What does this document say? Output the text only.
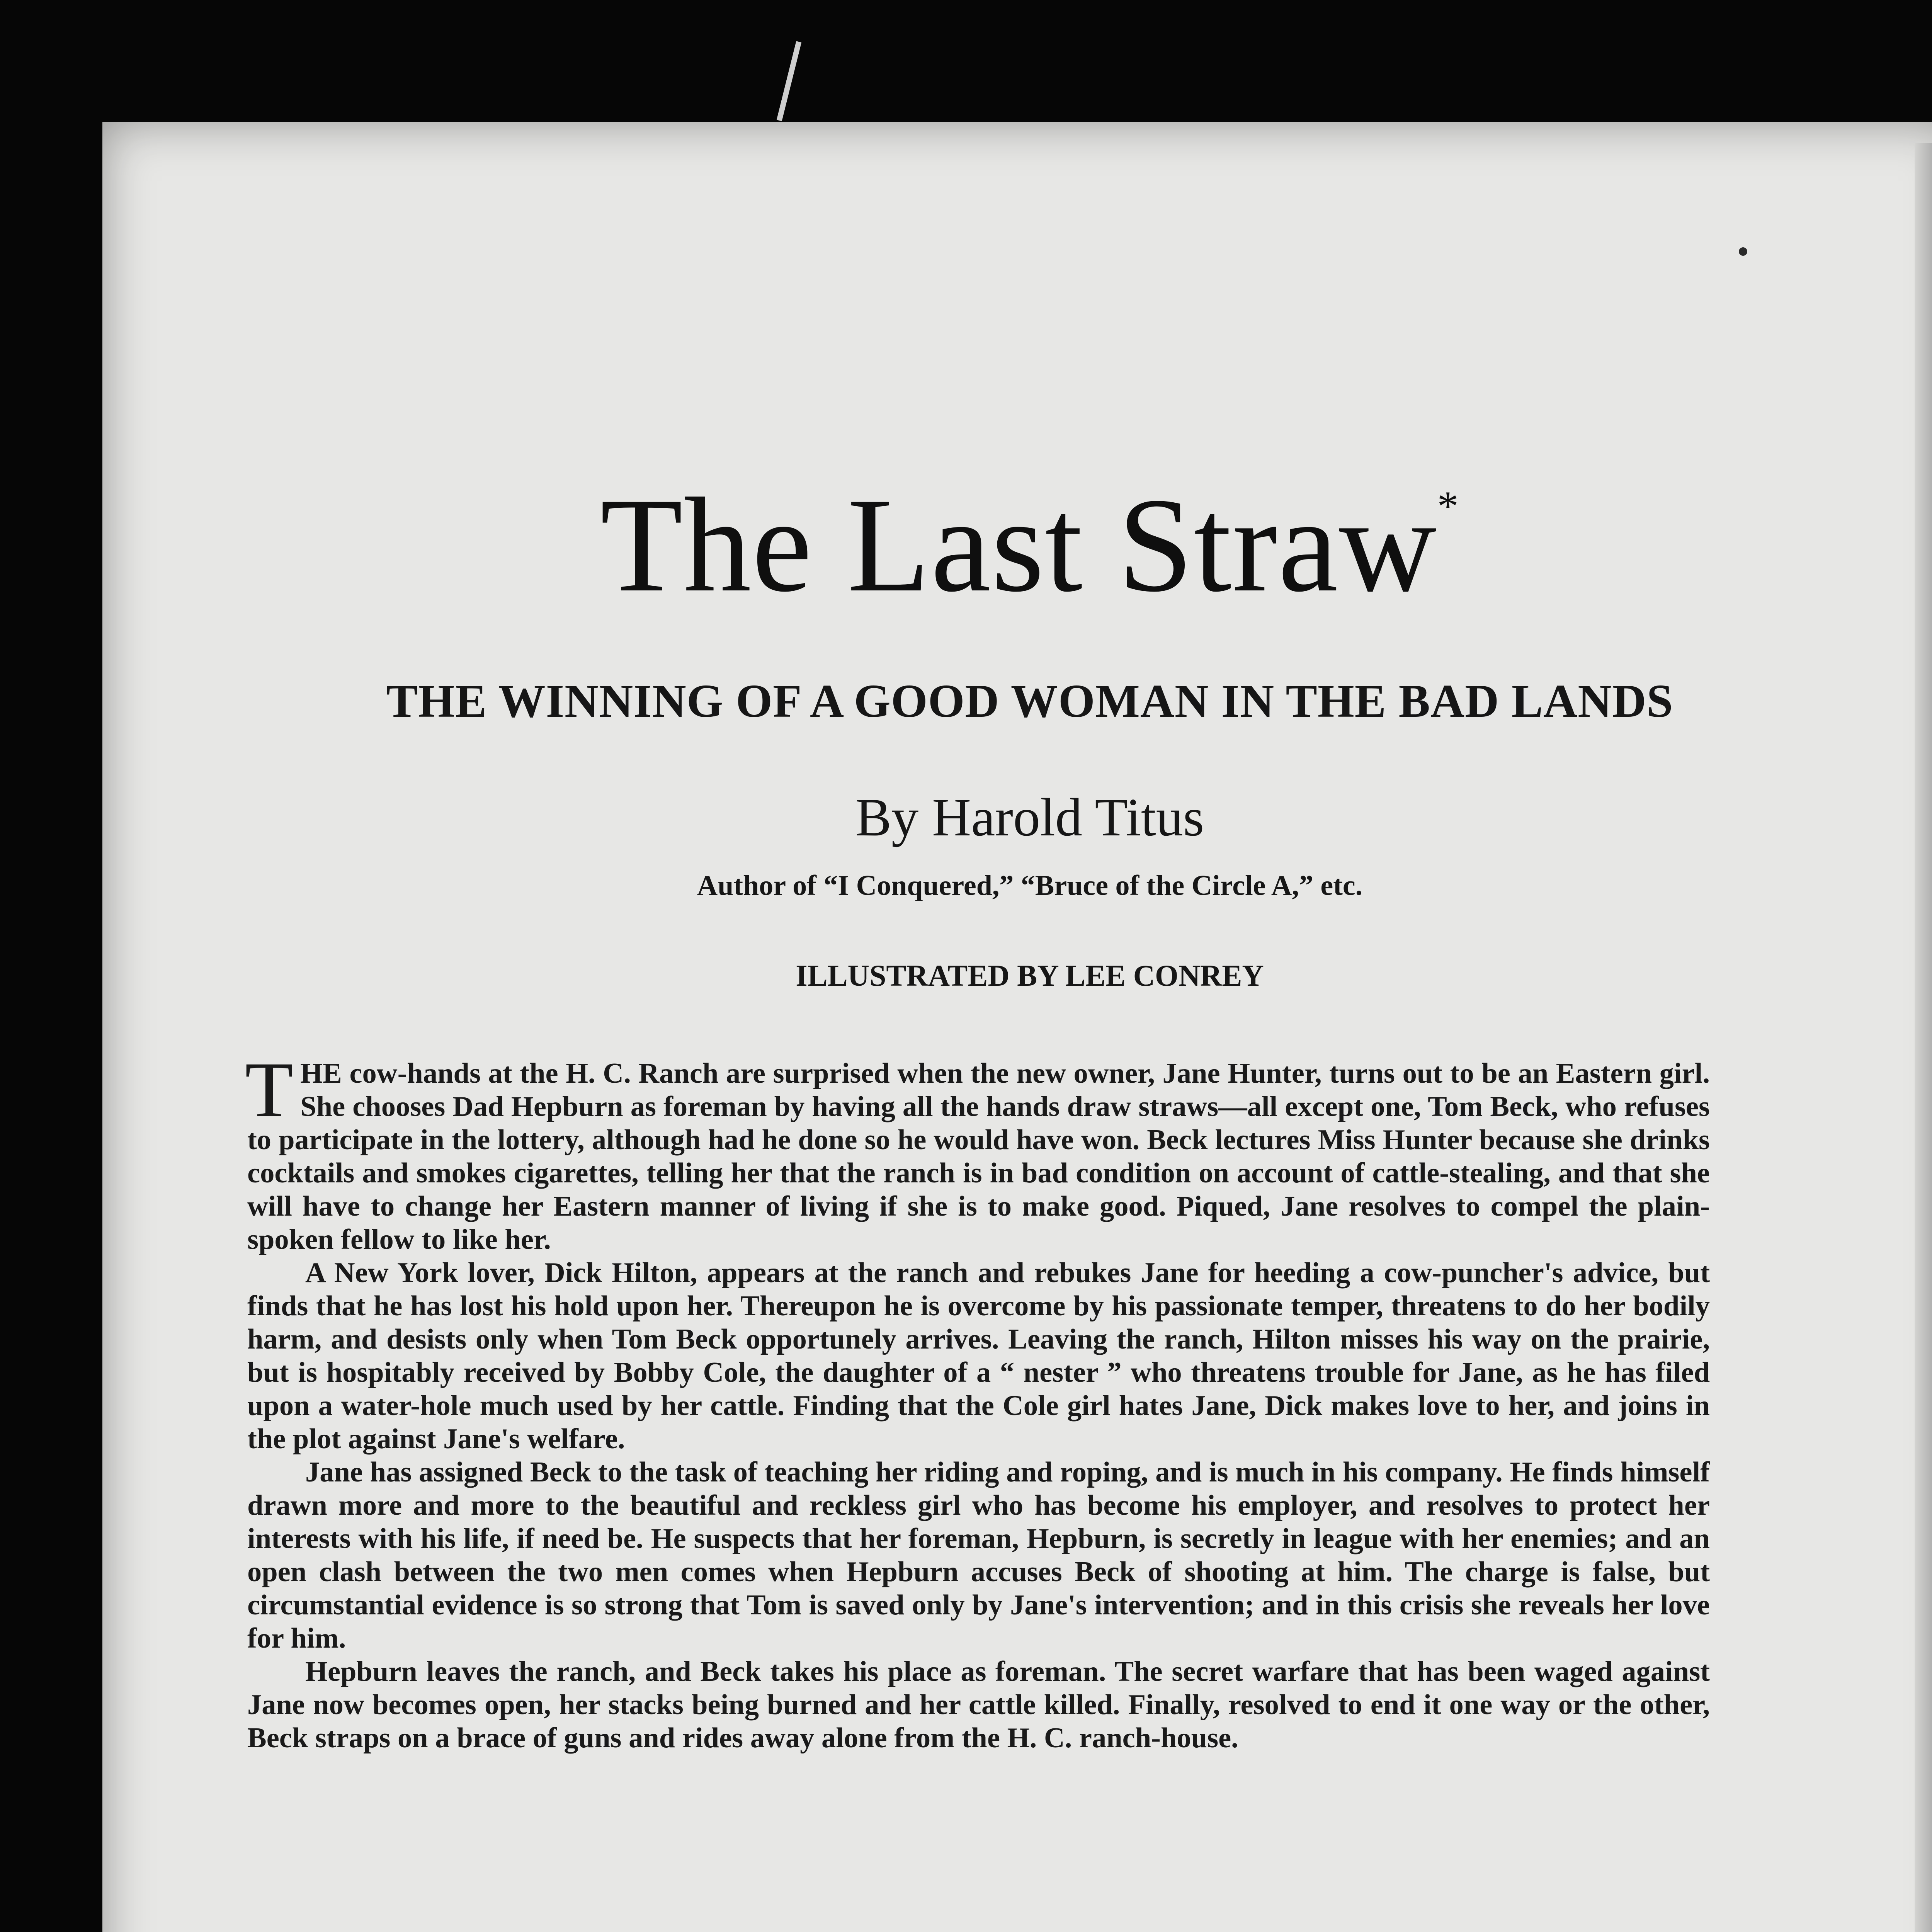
The Last Straw*
THE WINNING OF A GOOD WOMAN IN THE BAD LANDS
By Harold Titus
Author of “I Conquered,” “Bruce of the Circle A,” etc.
ILLUSTRATED BY LEE CONREY

THE cow-hands at the H. C. Ranch are surprised when the new owner, Jane Hunter, turns out to be an Eastern girl. She chooses Dad Hepburn as foreman by having all the hands draw straws—all except one, Tom Beck, who refuses to participate in the lottery, although had he done so he would have won. Beck lectures Miss Hunter because she drinks cocktails and smokes cigarettes, telling her that the ranch is in bad condition on account of cattle-stealing, and that she will have to change her Eastern manner of living if she is to make good. Piqued, Jane resolves to compel the plain-spoken fellow to like her.

A New York lover, Dick Hilton, appears at the ranch and rebukes Jane for heeding a cow-puncher's advice, but finds that he has lost his hold upon her. Thereupon he is overcome by his passionate temper, threatens to do her bodily harm, and desists only when Tom Beck opportunely arrives. Leaving the ranch, Hilton misses his way on the prairie, but is hospitably received by Bobby Cole, the daughter of a “ nester ” who threatens trouble for Jane, as he has filed upon a water-hole much used by her cattle. Finding that the Cole girl hates Jane, Dick makes love to her, and joins in the plot against Jane's welfare.

Jane has assigned Beck to the task of teaching her riding and roping, and is much in his company. He finds himself drawn more and more to the beautiful and reckless girl who has become his employer, and resolves to protect her interests with his life, if need be. He suspects that her foreman, Hepburn, is secretly in league with her enemies; and an open clash between the two men comes when Hepburn accuses Beck of shooting at him. The charge is false, but circumstantial evidence is so strong that Tom is saved only by Jane's intervention; and in this crisis she reveals her love for him.

Hepburn leaves the ranch, and Beck takes his place as foreman. The secret warfare that has been waged against Jane now becomes open, her stacks being burned and her cattle killed. Finally, resolved to end it one way or the other, Beck straps on a brace of guns and rides away alone from the H. C. ranch-house.
